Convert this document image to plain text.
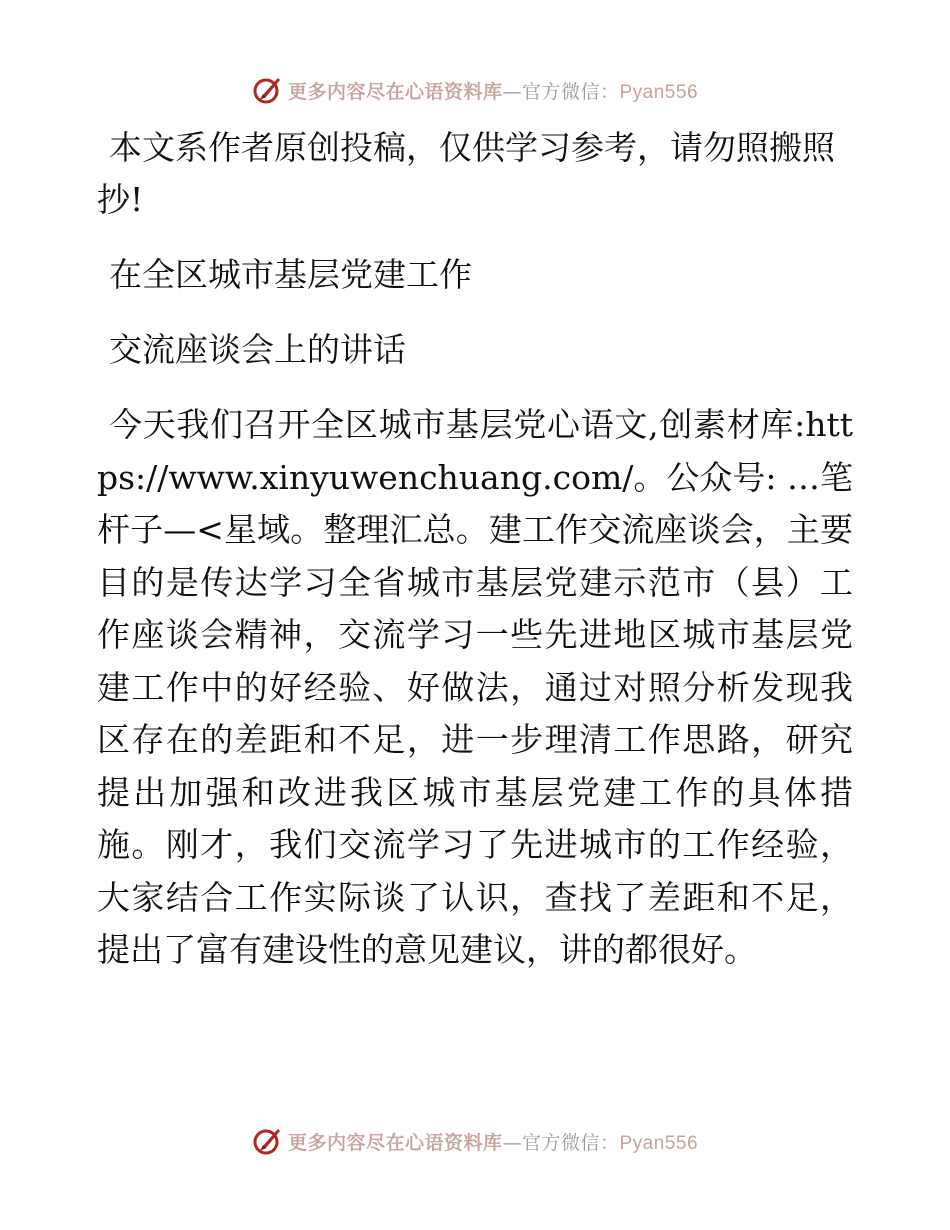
更多内容尽在心语资料库—官方微信：Pyan556

本文系作者原创投稿，仅供学习参考，请勿照搬照抄!

在全区城市基层党建工作

交流座谈会上的讲话

今天我们召开全区城市基层党心语文,创素材库:https://www.xinyuwenchuang.com/。公众号: …笔杆子—<星域。整理汇总。建工作交流座谈会，主要目的是传达学习全省城市基层党建示范市（县）工作座谈会精神，交流学习一些先进地区城市基层党建工作中的好经验、好做法，通过对照分析发现我区存在的差距和不足，进一步理清工作思路，研究提出加强和改进我区城市基层党建工作的具体措施。刚才，我们交流学习了先进城市的工作经验，大家结合工作实际谈了认识，查找了差距和不足，提出了富有建设性的意见建议，讲的都很好。

更多内容尽在心语资料库—官方微信：Pyan556
